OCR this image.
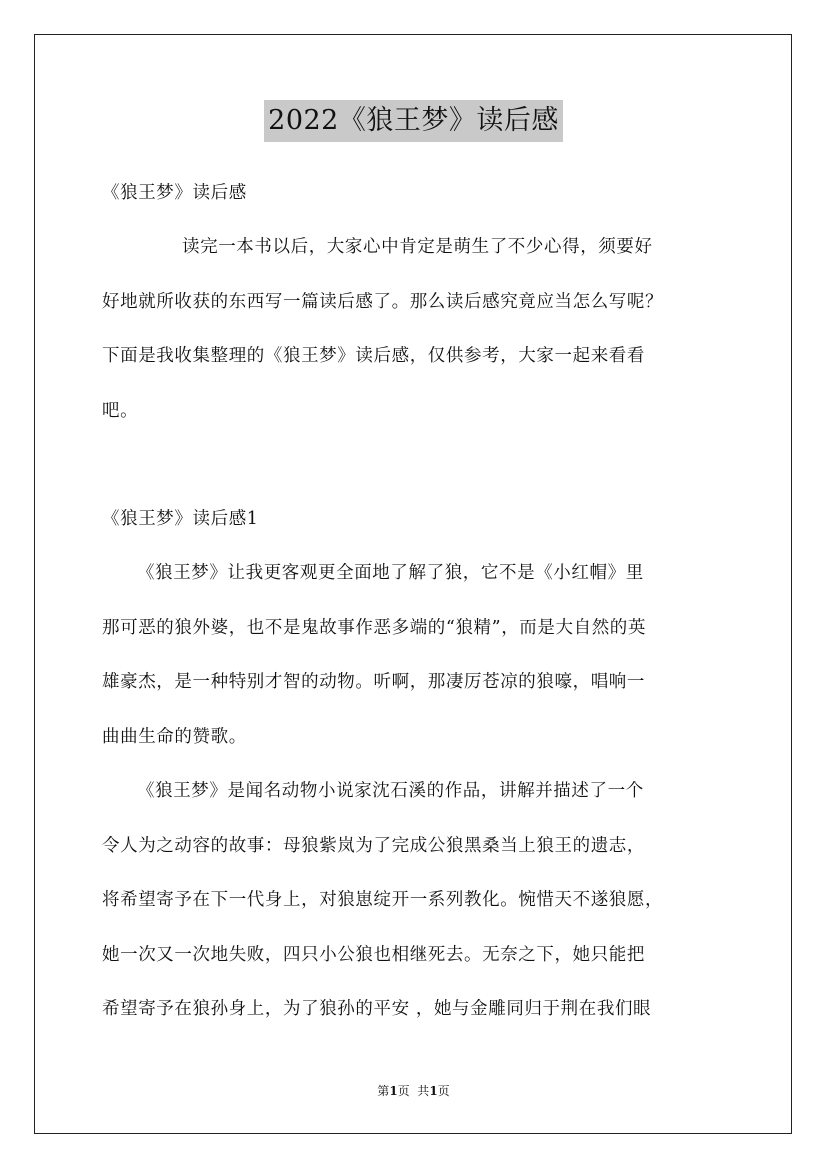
2022《狼王梦》读后感
《狼王梦》读后感
读完一本书以后，大家心中肯定是萌生了不少心得，须要好
好地就所收获的东西写一篇读后感了。那么读后感究竟应当怎么写呢？
下面是我收集整理的《狼王梦》读后感，仅供参考，大家一起来看看
吧。
《狼王梦》读后感1
《狼王梦》让我更客观更全面地了解了狼，它不是《小红帽》里
那可恶的狼外婆，也不是鬼故事作恶多端的“狼精”，而是大自然的英
雄豪杰，是一种特别才智的动物。听啊，那凄厉苍凉的狼嚎，唱响一
曲曲生命的赞歌。
《狼王梦》是闻名动物小说家沈石溪的作品，讲解并描述了一个
令人为之动容的故事：母狼紫岚为了完成公狼黑桑当上狼王的遗志，
将希望寄予在下一代身上，对狼崽绽开一系列教化。惋惜天不遂狼愿，
她一次又一次地失败，四只小公狼也相继死去。无奈之下，她只能把
希望寄予在狼孙身上，为了狼孙的平安 ，她与金雕同归于荆在我们眼
第1页  共1页
